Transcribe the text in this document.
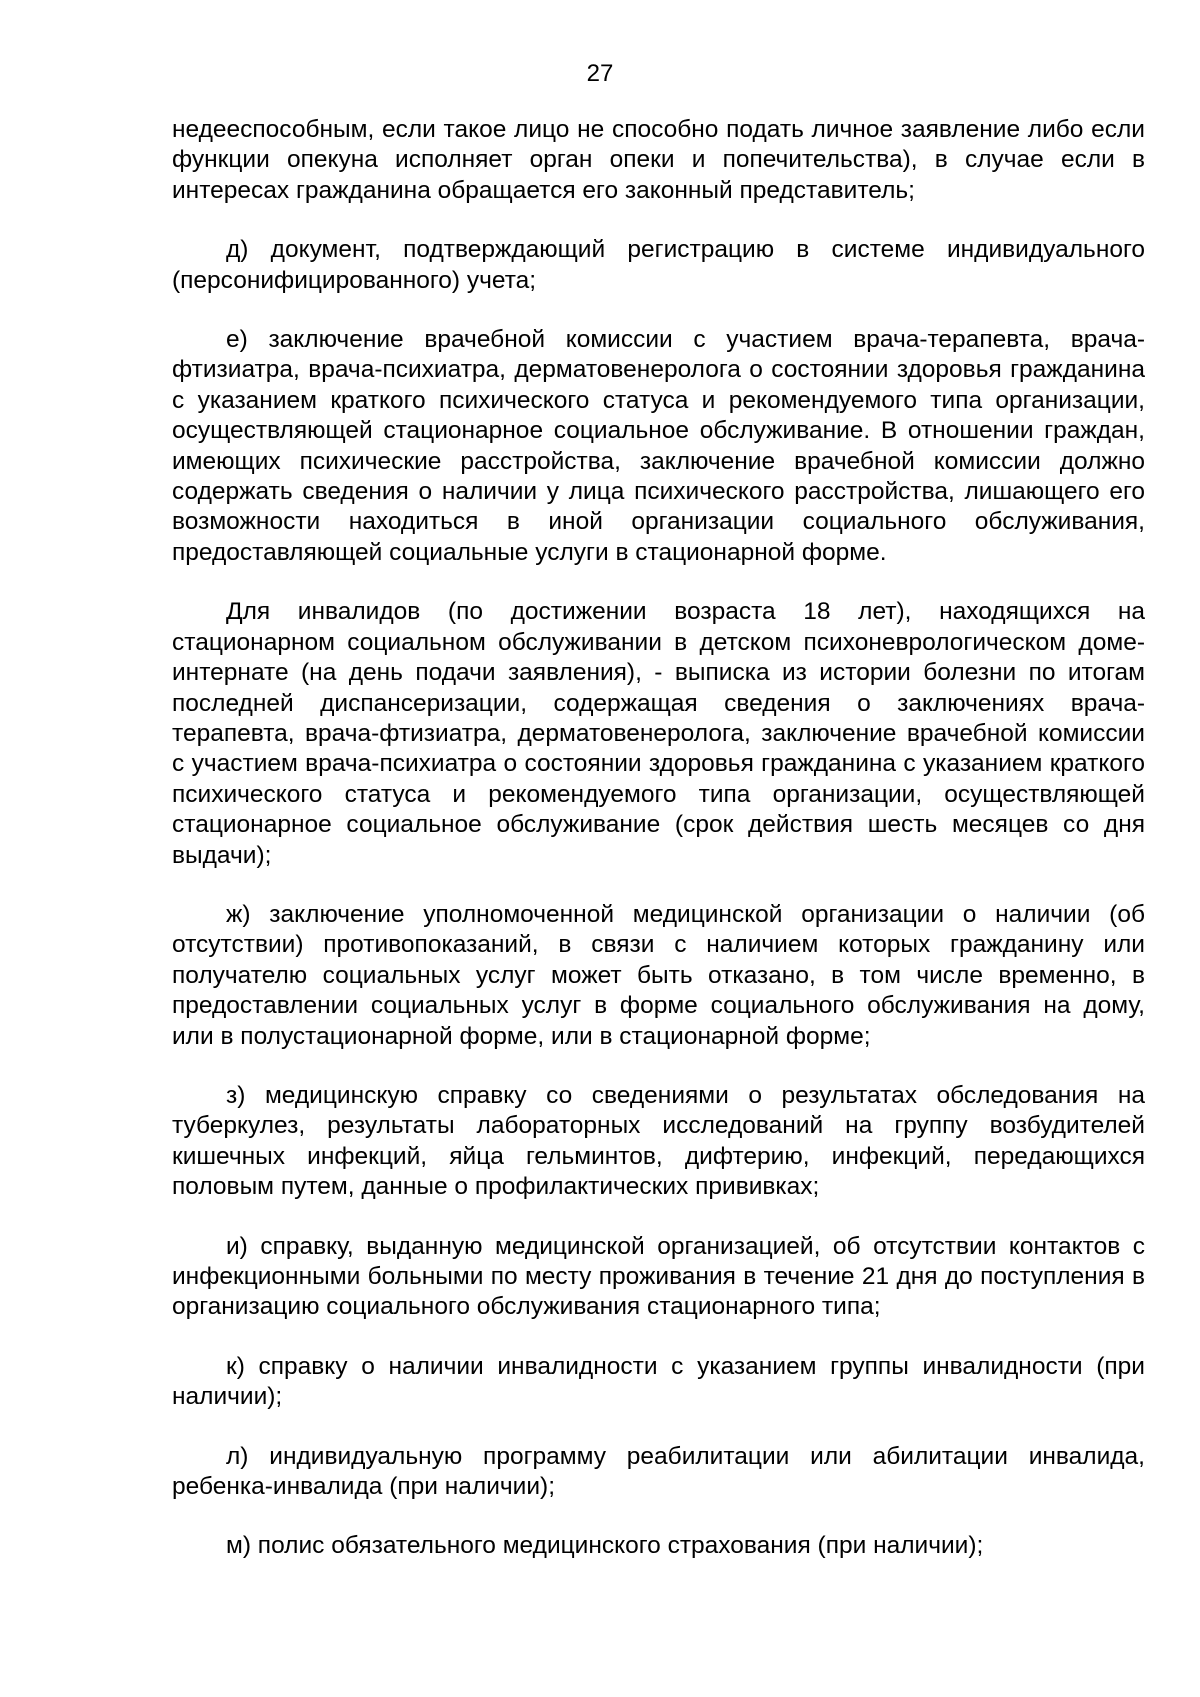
27

недееспособным, если такое лицо не способно подать личное заявление либо если функции опекуна исполняет орган опеки и попечительства), в случае если в интересах гражданина обращается его законный представитель;

д) документ, подтверждающий регистрацию в системе индивидуального (персонифицированного) учета;

е) заключение врачебной комиссии с участием врача-терапевта, врача-фтизиатра, врача-психиатра, дерматовенеролога о состоянии здоровья гражданина с указанием краткого психического статуса и рекомендуемого типа организации, осуществляющей стационарное социальное обслуживание. В отношении граждан, имеющих психические расстройства, заключение врачебной комиссии должно содержать сведения о наличии у лица психического расстройства, лишающего его возможности находиться в иной организации социального обслуживания, предоставляющей социальные услуги в стационарной форме.

Для инвалидов (по достижении возраста 18 лет), находящихся на стационарном социальном обслуживании в детском психоневрологическом доме-интернате (на день подачи заявления), - выписка из истории болезни по итогам последней диспансеризации, содержащая сведения о заключениях врача-терапевта, врача-фтизиатра, дерматовенеролога, заключение врачебной комиссии с участием врача-психиатра о состоянии здоровья гражданина с указанием краткого психического статуса и рекомендуемого типа организации, осуществляющей стационарное социальное обслуживание (срок действия шесть месяцев со дня выдачи);

ж) заключение уполномоченной медицинской организации о наличии (об отсутствии) противопоказаний, в связи с наличием которых гражданину или получателю социальных услуг может быть отказано, в том числе временно, в предоставлении социальных услуг в форме социального обслуживания на дому, или в полустационарной форме, или в стационарной форме;

з) медицинскую справку со сведениями о результатах обследования на туберкулез, результаты лабораторных исследований на группу возбудителей кишечных инфекций, яйца гельминтов, дифтерию, инфекций, передающихся половым путем, данные о профилактических прививках;

и) справку, выданную медицинской организацией, об отсутствии контактов с инфекционными больными по месту проживания в течение 21 дня до поступления в организацию социального обслуживания стационарного типа;

к) справку о наличии инвалидности с указанием группы инвалидности (при наличии);

л) индивидуальную программу реабилитации или абилитации инвалида, ребенка-инвалида (при наличии);

м) полис обязательного медицинского страхования (при наличии);
